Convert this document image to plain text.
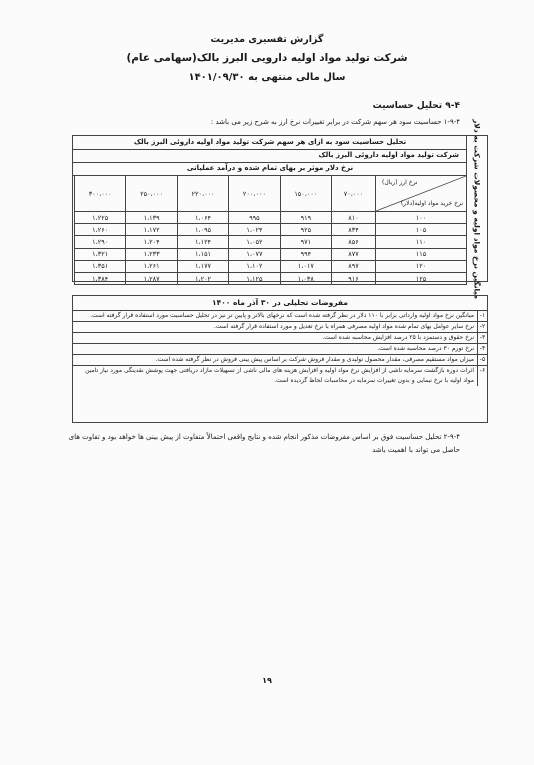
گزارش تفسیری مدیریت
شرکت تولید مواد اولیه دارویی البرز بالک(سهامی عام)
سال مالی منتهی به ۱۴۰۱/۰۹/۳۰
۹-۴ تحلیل حساسیت
۱-۹-۴ حساسیت سود هر سهم شرکت در برابر تغییرات نرخ ارز به شرح زیر می باشد : میانگین نرخ مواد اولیه و محصولات شرکت به دلار
تحلیل حساسیت سود به ازای هر سهم شرکت تولید مواد اولیه داروئی البرز بالک
شرکت تولید مواد اولیه داروئی البرز بالک
نرخ دلار موثر بر بهای تمام شده و درآمد عملیاتی
نرخ ارز (ریال)
نرخ خرید مواد اولیه(دلار)	۷۰،۰۰۰	۱۵۰،۰۰۰	۲۰۰،۰۰۰	۲۲۰،۰۰۰	۲۵۰،۰۰۰	۳۰۰،۰۰۰
۱۰۰	۸۱۰	۹۱۹	۹۹۵	۱،۰۶۴	۱،۱۳۹	۱،۲۲۵
۱۰۵	۸۳۴	۹۲۵	۱،۰۲۴	۱،۰۹۵	۱،۱۷۲	۱،۲۶۰
۱۱۰	۸۵۶	۹۷۱	۱،۰۵۲	۱،۱۲۴	۱،۲۰۴	۱،۲۹۰
۱۱۵	۸۷۷	۹۹۴	۱،۰۷۷	۱،۱۵۱	۱،۲۳۳	۱،۳۲۱
۱۲۰	۸۹۷	۱،۰۱۷	۱،۱۰۲	۱،۱۷۷	۱،۲۶۱	۱،۳۵۱
۱۲۵	۹۱۶	۱،۰۳۸	۱،۱۲۵	۱،۲۰۲	۱،۲۸۷	۱،۳۸۴
مفروضات تحلیلی در ۳۰ آذر ماه ۱۴۰۰
۱-
میانگین نرخ مواد اولیه وارداتی برابر با ۱۱۰ دلار در نظر گرفته شده است که نرخهای بالاتر و پایین تر نیز در تحلیل حساسیت مورد استفاده قرار گرفته است.
۲-
نرخ سایر عوامل بهای تمام شده مواد اولیه مصرفی همراه با نرخ تعدیل و مورد استفاده قرار گرفته است.
۳-
نرخ حقوق و دستمزد با ۲۵ درصد افزایش محاسبه شده است.
۴-
نرخ تورم ۳۰ درصد محاسبه شده است.
۵-
میزان مواد مستقیم مصرفی، مقدار محصول تولیدی و مقدار فروش شرکت بر اساس پیش بینی فروش در نظر گرفته شده است.
۶-
اثرات دوره بازگشت سرمایه ناشی از افزایش نرخ مواد اولیه و افزایش هزینه های مالی ناشی از تسهیلات مازاد دریافتی جهت پوشش نقدینگی مورد نیاز تامین مواد اولیه با نرخ نیمایی و بدون تغییرات سرمایه در محاسبات لحاظ گردیده است.
۲-۹-۴ تحلیل حساسیت فوق بر اساس مفروضات مذکور انجام شده و نتایج واقعی احتمالاً متفاوت از پیش بینی ها خواهد بود و تفاوت های حاصل می تواند با اهمیت باشد
۱۹
